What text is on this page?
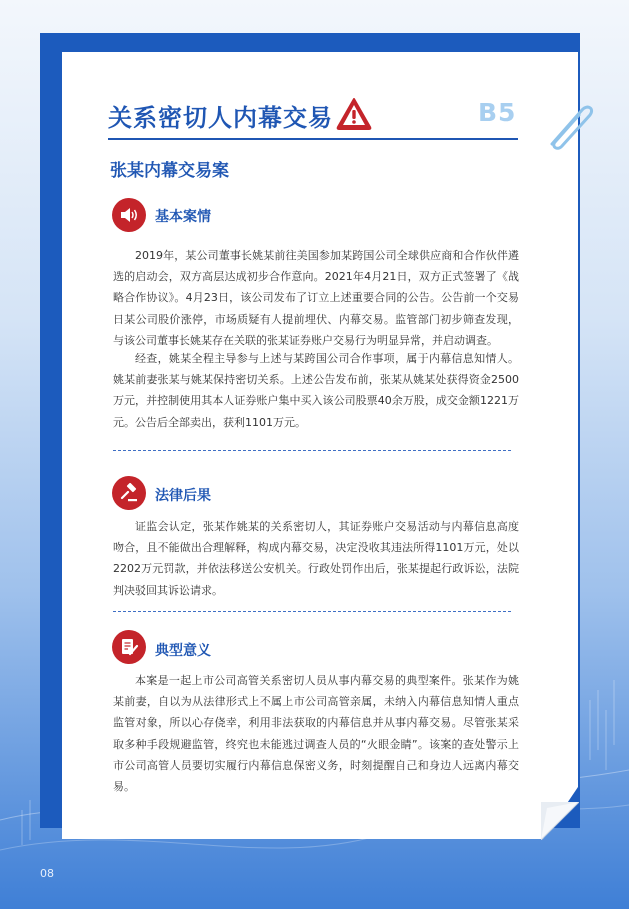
关系密切人内幕交易	B5
张某内幕交易案
基本案情

2019年，某公司董事长姚某前往美国参加某跨国公司全球供应商和合作伙伴遴选的启动会，双方高层达成初步合作意向。2021年4月21日，双方正式签署了《战略合作协议》。4月23日，该公司发布了订立上述重要合同的公告。公告前一个交易日某公司股价涨停，市场质疑有人提前埋伏、内幕交易。监管部门初步筛查发现，与该公司董事长姚某存在关联的张某证券账户交易行为明显异常，并启动调查。

经查，姚某全程主导参与上述与某跨国公司合作事项，属于内幕信息知情人。姚某前妻张某与姚某保持密切关系。上述公告发布前，张某从姚某处获得资金2500万元，并控制使用其本人证券账户集中买入该公司股票40余万股，成交金额1221万元。公告后全部卖出，获利1101万元。

法律后果

证监会认定，张某作姚某的关系密切人，其证券账户交易活动与内幕信息高度吻合，且不能做出合理解释，构成内幕交易，决定没收其违法所得1101万元，处以2202万元罚款，并依法移送公安机关。行政处罚作出后，张某提起行政诉讼，法院判决驳回其诉讼请求。

典型意义

本案是一起上市公司高管关系密切人员从事内幕交易的典型案件。张某作为姚某前妻，自以为从法律形式上不属上市公司高管亲属，未纳入内幕信息知情人重点监管对象，所以心存侥幸，利用非法获取的内幕信息并从事内幕交易。尽管张某采取多种手段规避监管，终究也未能逃过调查人员的“火眼金睛”。该案的查处警示上市公司高管人员要切实履行内幕信息保密义务，时刻提醒自己和身边人远离内幕交易。

08
